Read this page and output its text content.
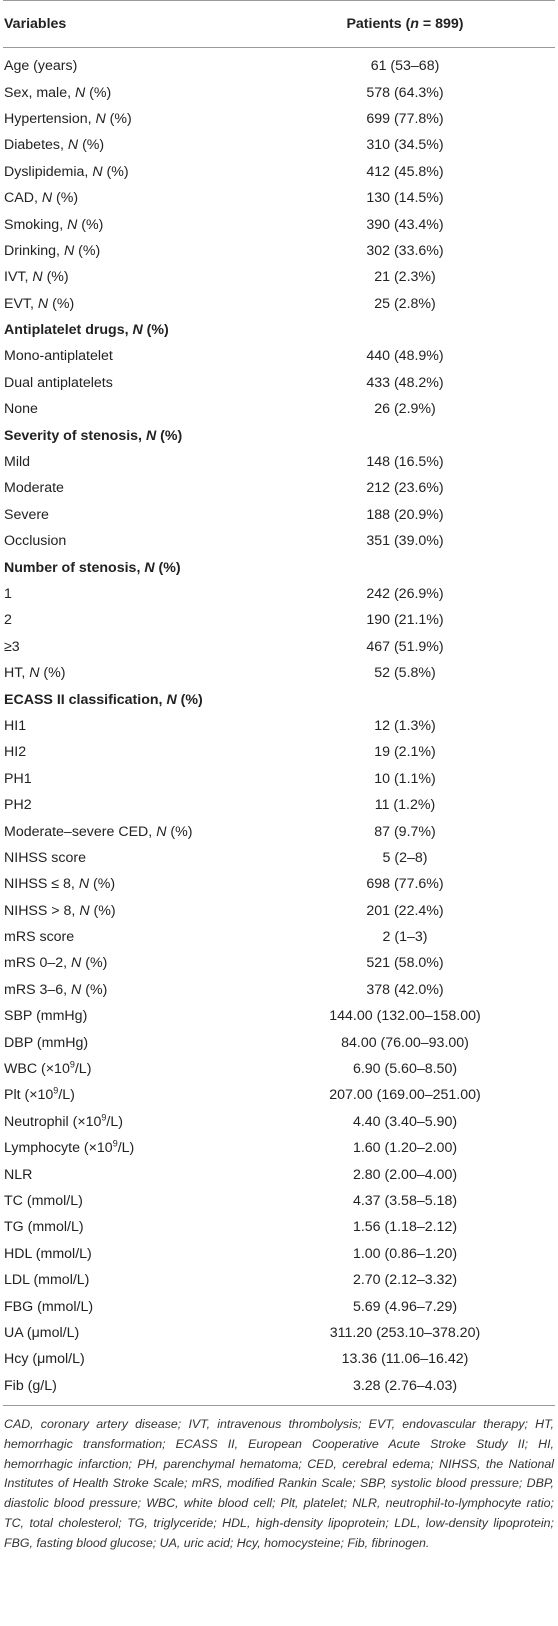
Variables	Patients (n = 899)
Age (years)	61 (53–68)
Sex, male, N (%)	578 (64.3%)
Hypertension, N (%)	699 (77.8%)
Diabetes, N (%)	310 (34.5%)
Dyslipidemia, N (%)	412 (45.8%)
CAD, N (%)	130 (14.5%)
Smoking, N (%)	390 (43.4%)
Drinking, N (%)	302 (33.6%)
IVT, N (%)	21 (2.3%)
EVT, N (%)	25 (2.8%)
Antiplatelet drugs, N (%)
Mono-antiplatelet	440 (48.9%)
Dual antiplatelets	433 (48.2%)
None	26 (2.9%)
Severity of stenosis, N (%)
Mild	148 (16.5%)
Moderate	212 (23.6%)
Severe	188 (20.9%)
Occlusion	351 (39.0%)
Number of stenosis, N (%)
1	242 (26.9%)
2	190 (21.1%)
≥3	467 (51.9%)
HT, N (%)	52 (5.8%)
ECASS II classification, N (%)
HI1	12 (1.3%)
HI2	19 (2.1%)
PH1	10 (1.1%)
PH2	11 (1.2%)
Moderate–severe CED, N (%)	87 (9.7%)
NIHSS score	5 (2–8)
NIHSS ≤ 8, N (%)	698 (77.6%)
NIHSS > 8, N (%)	201 (22.4%)
mRS score	2 (1–3)
mRS 0–2, N (%)	521 (58.0%)
mRS 3–6, N (%)	378 (42.0%)
SBP (mmHg)	144.00 (132.00–158.00)
DBP (mmHg)	84.00 (76.00–93.00)
WBC $(\times 10^9/L)$	6.90 (5.60–8.50)
Plt $(\times 10^9/L)$	207.00 (169.00–251.00)
Neutrophil $(\times 10^9/L)$	4.40 (3.40–5.90)
Lymphocyte $(\times 10^9/L)$	1.60 (1.20–2.00)
NLR	2.80 (2.00–4.00)
TC (mmol/L)	4.37 (3.58–5.18)
TG (mmol/L)	1.56 (1.18–2.12)
HDL (mmol/L)	1.00 (0.86–1.20)
LDL (mmol/L)	2.70 (2.12–3.32)
FBG (mmol/L)	5.69 (4.96–7.29)
UA (μmol/L)	311.20 (253.10–378.20)
Hcy (μmol/L)	13.36 (11.06–16.42)
Fib (g/L)	3.28 (2.76–4.03)
CAD, coronary artery disease; IVT, intravenous thrombolysis; EVT, endovascular therapy; HT, hemorrhagic transformation; ECASS II, European Cooperative Acute Stroke Study II; HI, hemorrhagic infarction; PH, parenchymal hematoma; CED, cerebral edema; NIHSS, the National Institutes of Health Stroke Scale; mRS, modified Rankin Scale; SBP, systolic blood pressure; DBP, diastolic blood pressure; WBC, white blood cell; Plt, platelet; NLR, neutrophil-to-lymphocyte ratio; TC, total cholesterol; TG, triglyceride; HDL, high-density lipoprotein; LDL, low-density lipoprotein; FBG, fasting blood glucose; UA, uric acid; Hcy, homocysteine; Fib, fibrinogen.
